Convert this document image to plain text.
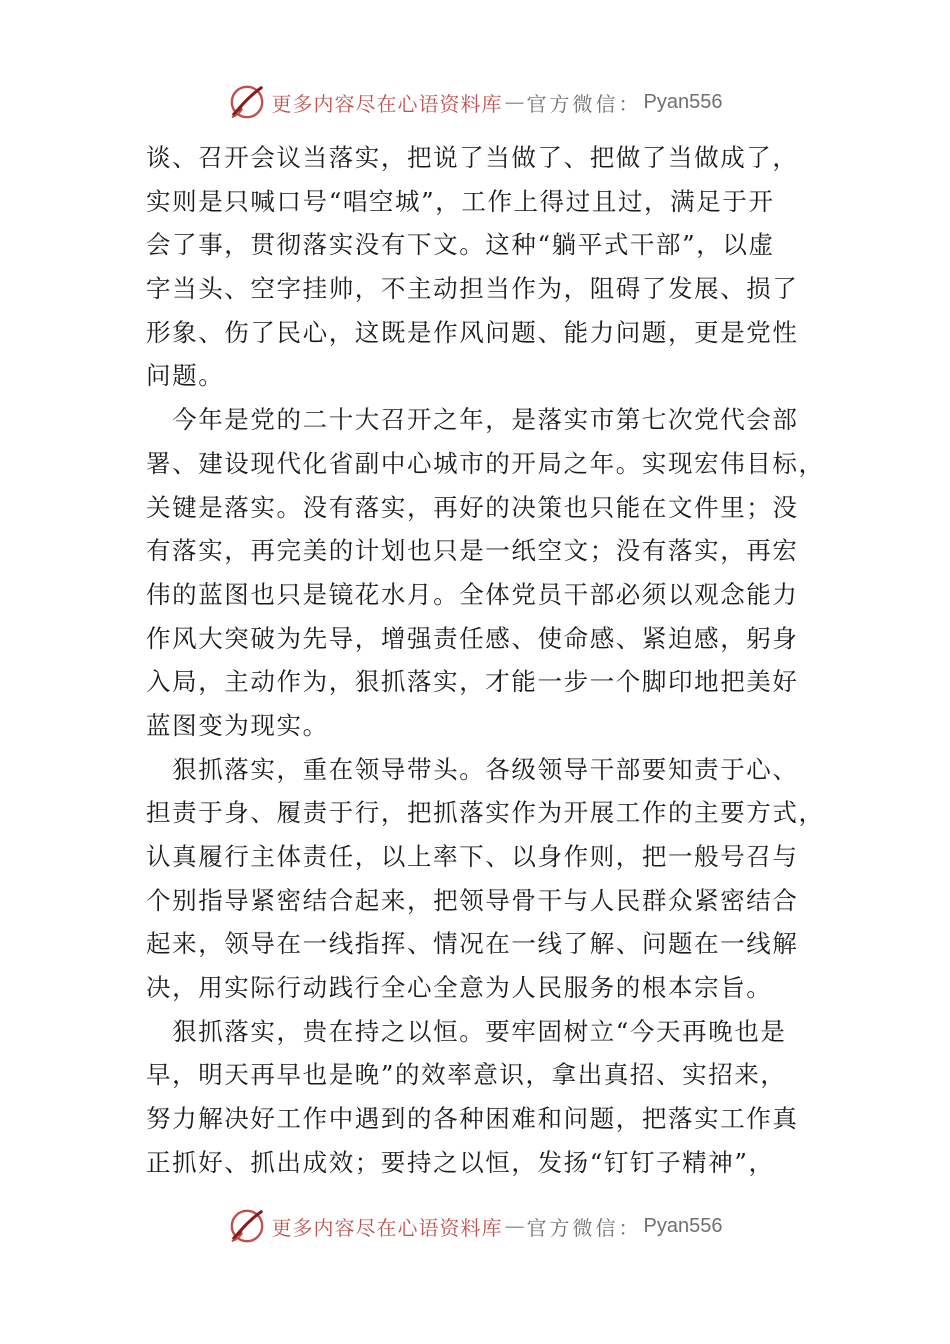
更多内容尽在心语资料库 — 官方微信： Pyan556
谈、召开会议当落实，把说了当做了、把做了当做成了，
实则是只喊口号“唱空城”，工作上得过且过，满足于开
会了事，贯彻落实没有下文。这种“躺平式干部”，以虚
字当头、空字挂帅，不主动担当作为，阻碍了发展、损了
形象、伤了民心，这既是作风问题、能力问题，更是党性
问题。
　今年是党的二十大召开之年，是落实市第七次党代会部
署、建设现代化省副中心城市的开局之年。实现宏伟目标，
关键是落实。没有落实，再好的决策也只能在文件里；没
有落实，再完美的计划也只是一纸空文；没有落实，再宏
伟的蓝图也只是镜花水月。全体党员干部必须以观念能力
作风大突破为先导，增强责任感、使命感、紧迫感，躬身
入局，主动作为，狠抓落实，才能一步一个脚印地把美好
蓝图变为现实。
　狠抓落实，重在领导带头。各级领导干部要知责于心、
担责于身、履责于行，把抓落实作为开展工作的主要方式，
认真履行主体责任，以上率下、以身作则，把一般号召与
个别指导紧密结合起来，把领导骨干与人民群众紧密结合
起来，领导在一线指挥、情况在一线了解、问题在一线解
决，用实际行动践行全心全意为人民服务的根本宗旨。
　狠抓落实，贵在持之以恒。要牢固树立“今天再晚也是
早，明天再早也是晚”的效率意识，拿出真招、实招来，
努力解决好工作中遇到的各种困难和问题，把落实工作真
正抓好、抓出成效；要持之以恒，发扬“钉钉子精神”，
更多内容尽在心语资料库 — 官方微信： Pyan556
